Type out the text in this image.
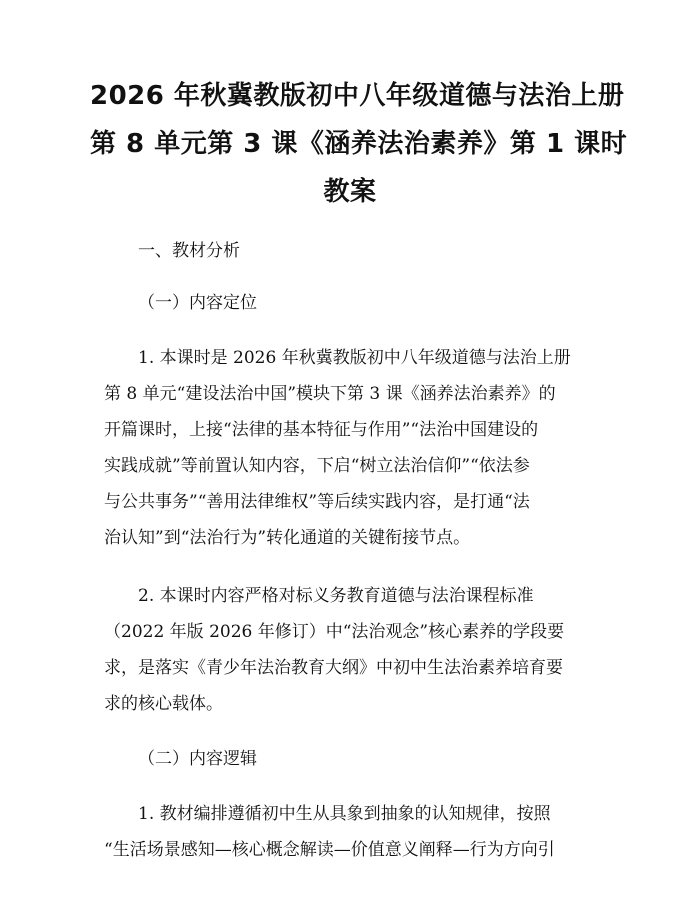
2026 年秋冀教版初中八年级道德与法治上册
第 8 单元第 3 课《涵养法治素养》第 1 课时
教案

一、教材分析

（一）内容定位

1. 本课时是 2026 年秋冀教版初中八年级道德与法治上册
第 8 单元“建设法治中国”模块下第 3 课《涵养法治素养》的
开篇课时，上接“法律的基本特征与作用”“法治中国建设的
实践成就”等前置认知内容，下启“树立法治信仰”“依法参
与公共事务”“善用法律维权”等后续实践内容，是打通“法
治认知”到“法治行为”转化通道的关键衔接节点。
2. 本课时内容严格对标义务教育道德与法治课程标准
（2022 年版 2026 年修订）中“法治观念”核心素养的学段要
求，是落实《青少年法治教育大纲》中初中生法治素养培育要
求的核心载体。

（二）内容逻辑

1. 教材编排遵循初中生从具象到抽象的认知规律，按照
“生活场景感知—核心概念解读—价值意义阐释—行为方向引
